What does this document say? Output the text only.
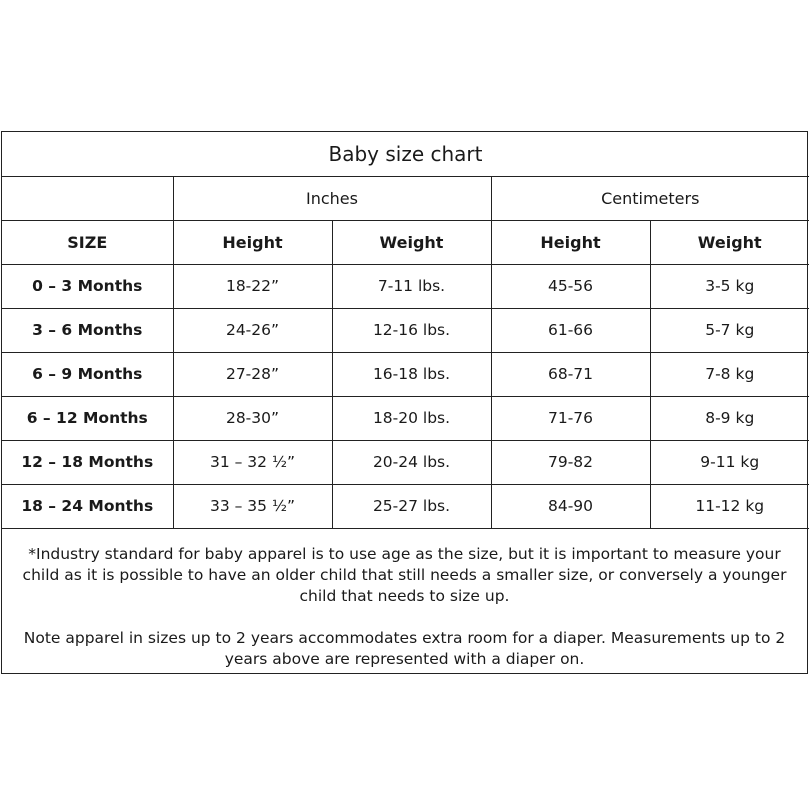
Baby size chart				
	Inches		Centimeters	
SIZE	Height	Weight	Height	Weight
0 – 3 Months	18-22”	7-11 lbs.	45-56	3-5 kg
3 – 6 Months	24-26”	12-16 lbs.	61-66	5-7 kg
6 – 9 Months	27-28”	16-18 lbs.	68-71	7-8 kg
6 – 12 Months	28-30”	18-20 lbs.	71-76	8-9 kg
12 – 18 Months	31 – 32 ½”	20-24 lbs.	79-82	9-11 kg
18 – 24 Months	33 – 35 ½”	25-27 lbs.	84-90	11-12 kg

*Industry standard for baby apparel is to use age as the size, but it is important to measure your child as it is possible to have an older child that still needs a smaller size, or conversely a younger child that needs to size up.

Note apparel in sizes up to 2 years accommodates extra room for a diaper. Measurements up to 2 years above are represented with a diaper on.
